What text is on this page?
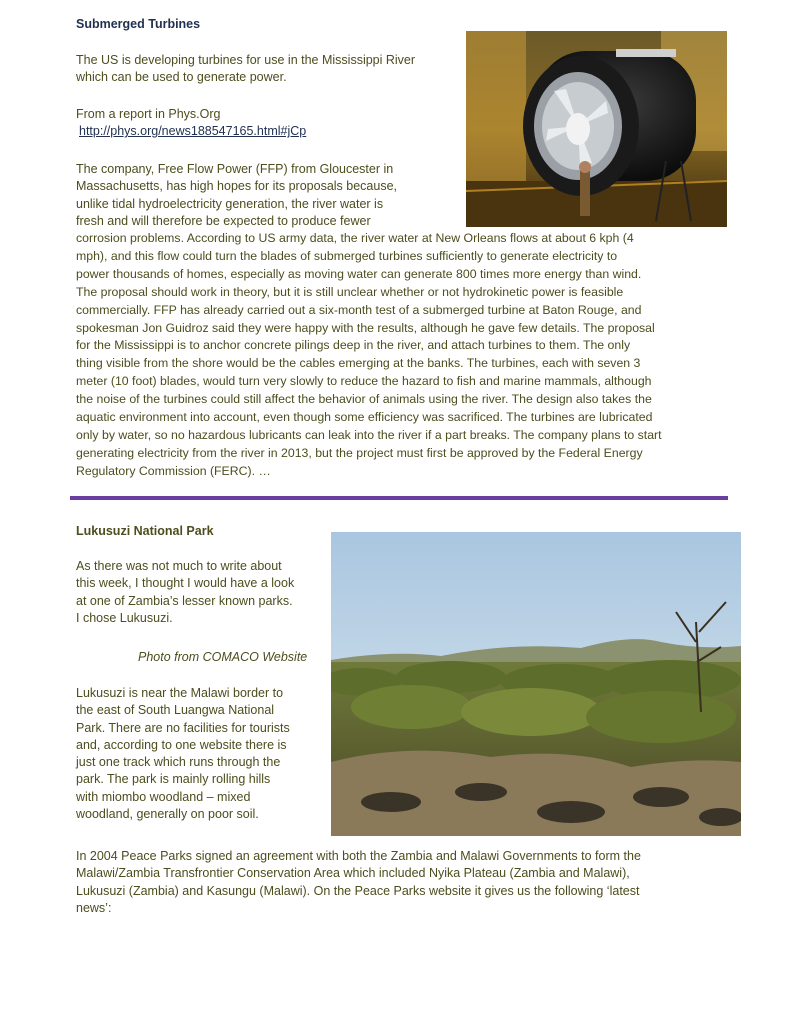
Submerged Turbines
The US is developing turbines for use in the Mississippi River
which can be used to generate power.
From a report in Phys.Org
http://phys.org/news188547165.html#jCp
The company, Free Flow Power (FFP) from Gloucester in
Massachusetts, has high hopes for its proposals because,
unlike tidal hydroelectricity generation, the river water is
fresh and will therefore be expected to produce fewer
corrosion problems. According to US army data, the river water at New Orleans flows at about 6 kph (4
mph), and this flow could turn the blades of submerged turbines sufficiently to generate electricity to
power thousands of homes, especially as moving water can generate 800 times more energy than wind.
The proposal should work in theory, but it is still unclear whether or not hydrokinetic power is feasible
commercially. FFP has already carried out a six-month test of a submerged turbine at Baton Rouge, and
spokesman Jon Guidroz said they were happy with the results, although he gave few details. The proposal
for the Mississippi is to anchor concrete pilings deep in the river, and attach turbines to them. The only
thing visible from the shore would be the cables emerging at the banks. The turbines, each with seven 3
meter (10 foot) blades, would turn very slowly to reduce the hazard to fish and marine mammals, although
the noise of the turbines could still affect the behavior of animals using the river. The design also takes the
aquatic environment into account, even though some efficiency was sacrificed. The turbines are lubricated
only by water, so no hazardous lubricants can leak into the river if a part breaks. The company plans to start
generating electricity from the river in 2013, but the project must first be approved by the Federal Energy
Regulatory Commission (FERC). …
Lukusuzi National Park
As there was not much to write about
this week, I thought I would have a look
at one of Zambia’s lesser known parks.
I chose Lukusuzi.

Photo from COMACO Website

Lukusuzi is near the Malawi border to
the east of South Luangwa National
Park. There are no facilities for tourists
and, according to one website there is
just one track which runs through the
park. The park is mainly rolling hills
with miombo woodland – mixed
woodland, generally on poor soil.
In 2004 Peace Parks signed an agreement with both the Zambia and Malawi Governments to form the
Malawi/Zambia Transfrontier Conservation Area which included Nyika Plateau (Zambia and Malawi),
Lukusuzi (Zambia) and Kasungu (Malawi). On the Peace Parks website it gives us the following ‘latest
news’:
